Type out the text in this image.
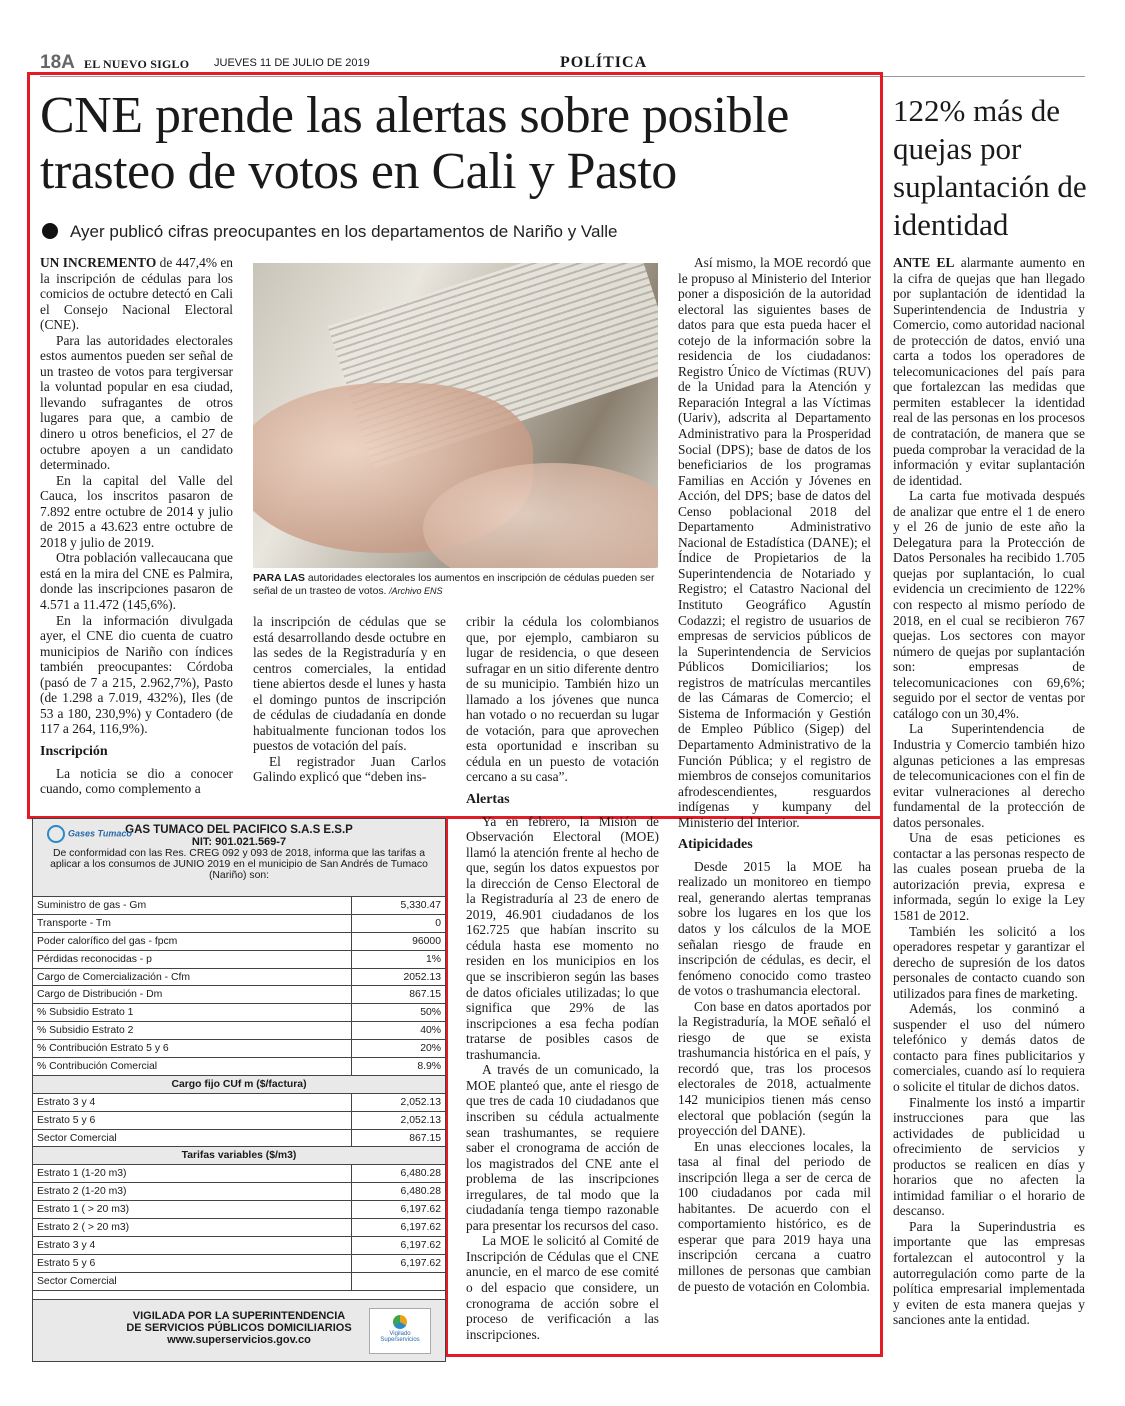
18A EL NUEVO SIGLO JUEVES 11 DE JULIO DE 2019	POLÍTICA
CNE prende las alertas sobre posible trasteo de votos en Cali y Pasto
Ayer publicó cifras preocupantes en los departamentos de Nariño y Valle

UN INCREMENTO de 447,4% en la inscripción de cédulas para los comicios de octubre detectó en Cali el Consejo Nacional Electoral (CNE).

Para las autoridades electorales estos aumentos pueden ser señal de un trasteo de votos para tergiversar la voluntad popular en esa ciudad, llevando sufragantes de otros lugares para que, a cambio de dinero u otros beneficios, el 27 de octubre apoyen a un candidato determinado.

En la capital del Valle del Cauca, los inscritos pasaron de 7.892 entre octubre de 2014 y julio de 2015 a 43.623 entre octubre de 2018 y julio de 2019.

Otra población vallecaucana que está en la mira del CNE es Palmira, donde las inscripciones pasaron de 4.571 a 11.472 (145,6%).

En la información divulgada ayer, el CNE dio cuenta de cuatro municipios de Nariño con índices también preocupantes: Córdoba (pasó de 7 a 215, 2.962,7%), Pasto (de 1.298 a 7.019, 432%), Iles (de 53 a 180, 230,9%) y Contadero (de 117 a 264, 116,9%).

Inscripción

La noticia se dio a conocer cuando, como complemento a

PARA LAS autoridades electorales los aumentos en inscripción de cédulas pueden ser señal de un trasteo de votos. /Archivo ENS

la inscripción de cédulas que se está desarrollando desde octubre en las sedes de la Registraduría y en centros comerciales, la entidad tiene abiertos desde el lunes y hasta el domingo puntos de inscripción de cédulas de ciudadanía en donde habitualmente funcionan todos los puestos de votación del país.

El registrador Juan Carlos Galindo explicó que “deben ins-

cribir la cédula los colombianos que, por ejemplo, cambiaron su lugar de residencia, o que deseen sufragar en un sitio diferente dentro de su municipio. También hizo un llamado a los jóvenes que nunca han votado o no recuerdan su lugar de votación, para que aprovechen esta oportunidad e inscriban su cédula en un puesto de votación cercano a su casa”.

Alertas

Ya en febrero, la Misión de Observación Electoral (MOE) llamó la atención frente al hecho de que, según los datos expuestos por la dirección de Censo Electoral de la Registraduría al 23 de enero de 2019, 46.901 ciudadanos de los 162.725 que habían inscrito su cédula hasta ese momento no residen en los municipios en los que se inscribieron según las bases de datos oficiales utilizadas; lo que significa que 29% de las inscripciones a esa fecha podían tratarse de posibles casos de trashumancia.

A través de un comunicado, la MOE planteó que, ante el riesgo de que tres de cada 10 ciudadanos que inscriben su cédula actualmente sean trashumantes, se requiere saber el cronograma de acción de los magistrados del CNE ante el problema de las inscripciones irregulares, de tal modo que la ciudadanía tenga tiempo razonable para presentar los recursos del caso.

La MOE le solicitó al Comité de Inscripción de Cédulas que el CNE anuncie, en el marco de ese comité o del espacio que considere, un cronograma de acción sobre el proceso de verificación a las inscripciones.

Así mismo, la MOE recordó que le propuso al Ministerio del Interior poner a disposición de la autoridad electoral las siguientes bases de datos para que esta pueda hacer el cotejo de la información sobre la residencia de los ciudadanos: Registro Único de Víctimas (RUV) de la Unidad para la Atención y Reparación Integral a las Víctimas (Uariv), adscrita al Departamento Administrativo para la Prosperidad Social (DPS); base de datos de los beneficiarios de los programas Familias en Acción y Jóvenes en Acción, del DPS; base de datos del Censo poblacional 2018 del Departamento Administrativo Nacional de Estadística (DANE); el Índice de Propietarios de la Superintendencia de Notariado y Registro; el Catastro Nacional del Instituto Geográfico Agustín Codazzi; el registro de usuarios de empresas de servicios públicos de la Superintendencia de Servicios Públicos Domiciliarios; los registros de matrículas mercantiles de las Cámaras de Comercio; el Sistema de Información y Gestión de Empleo Público (Sigep) del Departamento Administrativo de la Función Pública; y el registro de miembros de consejos comunitarios afrodescendientes, resguardos indígenas y kumpany del Ministerio del Interior.

Atipicidades

Desde 2015 la MOE ha realizado un monitoreo en tiempo real, generando alertas tempranas sobre los lugares en los que los datos y los cálculos de la MOE señalan riesgo de fraude en inscripción de cédulas, es decir, el fenómeno conocido como trasteo de votos o trashumancia electoral.

Con base en datos aportados por la Registraduría, la MOE señaló el riesgo de que se exista trashumancia histórica en el país, y recordó que, tras los procesos electorales de 2018, actualmente 142 municipios tienen más censo electoral que población (según la proyección del DANE).

En unas elecciones locales, la tasa al final del periodo de inscripción llega a ser de cerca de 100 ciudadanos por cada mil habitantes. De acuerdo con el comportamiento histórico, es de esperar que para 2019 haya una inscripción cercana a cuatro millones de personas que cambian de puesto de votación en Colombia.

122% más de quejas por suplantación de identidad

ANTE EL alarmante aumento en la cifra de quejas que han llegado por suplantación de identidad la Superintendencia de Industria y Comercio, como autoridad nacional de protección de datos, envió una carta a todos los operadores de telecomunicaciones del país para que fortalezcan las medidas que permiten establecer la identidad real de las personas en los procesos de contratación, de manera que se pueda comprobar la veracidad de la información y evitar suplantación de identidad.

La carta fue motivada después de analizar que entre el 1 de enero y el 26 de junio de este año la Delegatura para la Protección de Datos Personales ha recibido 1.705 quejas por suplantación, lo cual evidencia un crecimiento de 122% con respecto al mismo período de 2018, en el cual se recibieron 767 quejas. Los sectores con mayor número de quejas por suplantación son: empresas de telecomunicaciones con 69,6%; seguido por el sector de ventas por catálogo con un 30,4%.

La Superintendencia de Industria y Comercio también hizo algunas peticiones a las empresas de telecomunicaciones con el fin de evitar vulneraciones al derecho fundamental de la protección de datos personales.

Una de esas peticiones es contactar a las personas respecto de las cuales posean prueba de la autorización previa, expresa e informada, según lo exige la Ley 1581 de 2012.

También les solicitó a los operadores respetar y garantizar el derecho de supresión de los datos personales de contacto cuando son utilizados para fines de marketing.

Además, los conminó a suspender el uso del número telefónico y demás datos de contacto para fines publicitarios y comerciales, cuando así lo requiera o solicite el titular de dichos datos.

Finalmente los instó a impartir instrucciones para que las actividades de publicidad u ofrecimiento de servicios y productos se realicen en días y horarios que no afecten la intimidad familiar o el horario de descanso.

Para la Superindustria es importante que las empresas fortalezcan el autocontrol y la autorregulación como parte de la política empresarial implementada y eviten de esta manera quejas y sanciones ante la entidad.

Gases Tumaco
GAS TUMACO DEL PACIFICO S.A.S E.S.P
NIT: 901.021.569-7
De conformidad con las Res. CREG 092 y 093 de 2018, informa que las tarifas a aplicar a los consumos de JUNIO 2019 en el municipio de San Andrés de Tumaco (Nariño) son:
Suministro de gas - Gm	5,330.47
Transporte - Tm	0
Poder calorífico del gas - fpcm	96000
Pérdidas reconocidas - p	1%
Cargo de Comercialización - Cfm	2052.13
Cargo de Distribución - Dm	867.15
% Subsidio Estrato 1	50%
% Subsidio Estrato 2	40%
% Contribución Estrato 5 y 6	20%
% Contribución Comercial	8.9%
Cargo fijo CUf m ($/factura)	
Estrato 3 y 4	2,052.13
Estrato 5 y 6	2,052.13
Sector Comercial	867.15
Tarifas variables ($/m3)	
Estrato 1 (1-20 m3)	6,480.28
Estrato 2 (1-20 m3)	6,480.28
Estrato 1 ( > 20 m3)	6,197.62
Estrato 2 ( > 20 m3)	6,197.62
Estrato 3 y 4	6,197.62
Estrato 5 y 6	6,197.62
Sector Comercial	
VIGILADA POR LA SUPERINTENDENCIA
DE SERVICIOS PÚBLICOS DOMICILIARIOS
www.superservicios.gov.co	Vigilado Superservicios
